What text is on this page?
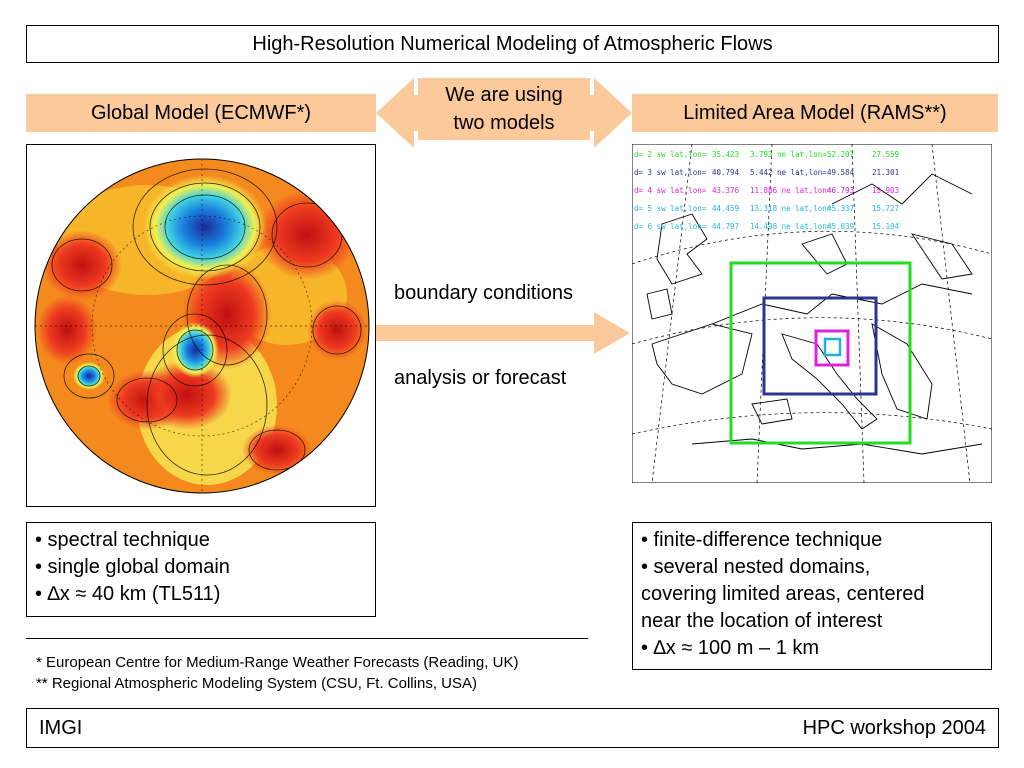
High-Resolution Numerical Modeling of Atmospheric Flows
Global Model (ECMWF*)	Limited Area Model (RAMS**)
We are using
two models
d= 2 sw lat,lon= 35.423 3.793 ne lat,lon= 52.207 27.559
d= 3 sw lat,lon= 40.794 5.442 ne lat,lon= 49.584 21.301
d= 4 sw lat,lon= 43.376 11.886 ne lat,lon=
46.793 15.903
d= 5 sw lat,lon= 44.459 13.318 ne lat,lon=
45.337 15.727
d= 6 sw lat,lon= 44.797 14.498 ne lat,lon=
45.039 15.104
boundary conditions
analysis or forecast
• spectral technique
• single global domain
• ∆x ≈ 40 km (TL511)
• finite-difference technique
• several nested domains,
covering limited areas, centered
near the location of interest
• ∆x ≈ 100 m – 1 km
* European Centre for Medium-Range Weather Forecasts (Reading, UK)
** Regional Atmospheric Modeling System (CSU, Ft. Collins, USA)
IMGI	HPC workshop 2004
